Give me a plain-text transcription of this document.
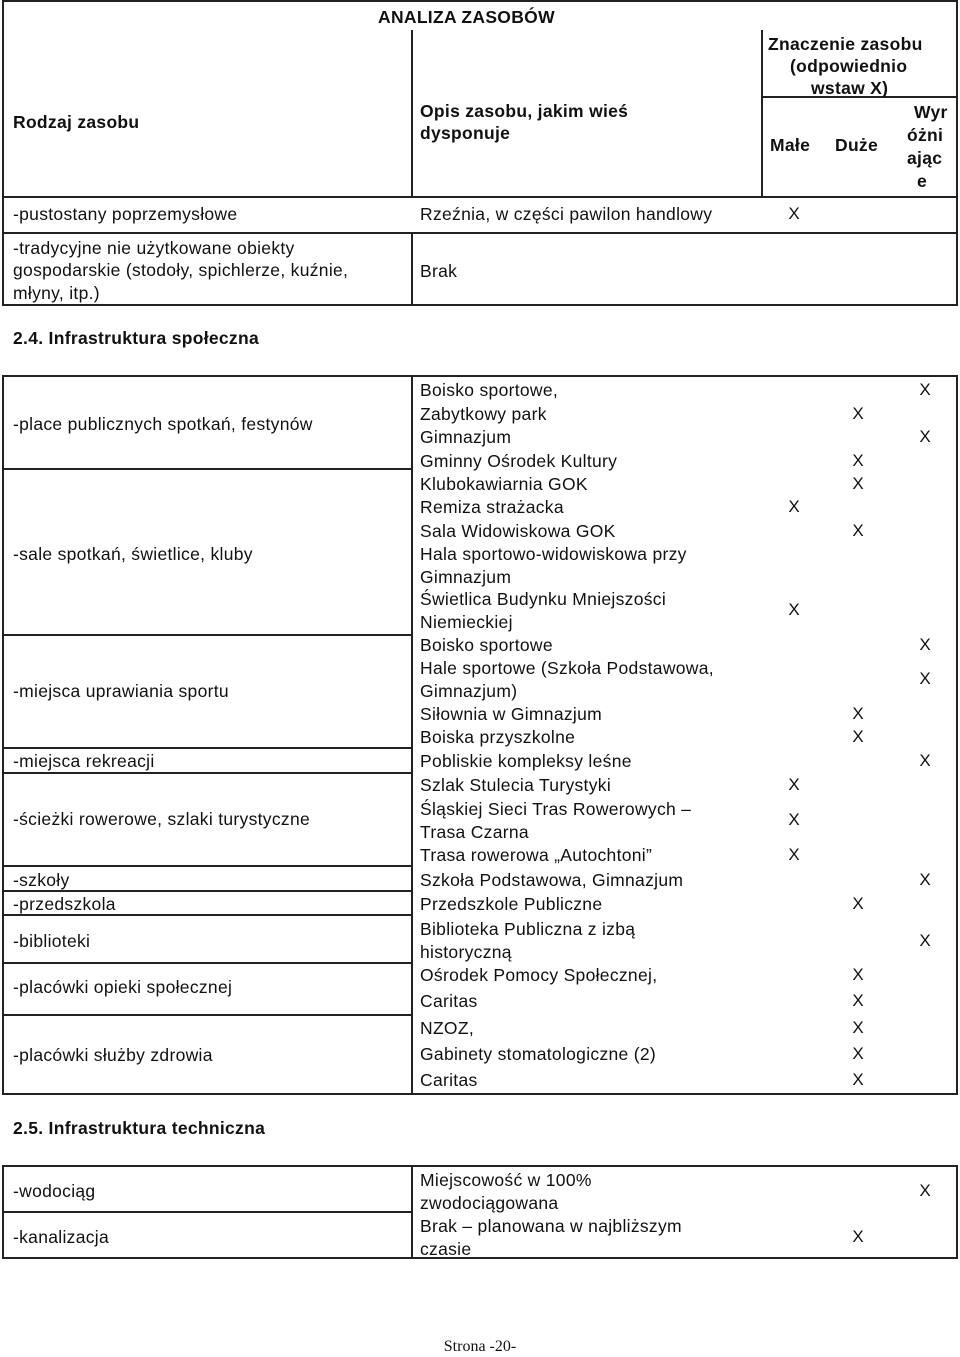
ANALIZA ZASOBÓW
Rodzaj zasobu
Opis zasobu, jakim wieś
dysponuje
Znaczenie zasobu
(odpowiednio
wstaw X)
Małe Duże
Wyr
óżni
ając
e
-pustostany poprzemysłowe	Rzeźnia, w części pawilon handlowy	X
-tradycyjne nie użytkowane obiekty
gospodarskie (stodoły, spichlerze, kuźnie,
młyny, itp.)
Brak
2.4. Infrastruktura społeczna
-place publicznych spotkań, festynów
-sale spotkań, świetlice, kluby
-miejsca uprawiania sportu
-miejsca rekreacji
-ścieżki rowerowe, szlaki turystyczne
-szkoły
-przedszkola
-biblioteki
-placówki opieki społecznej
-placówki służby zdrowia
Boisko sportowe,
Zabytkowy park
Gimnazjum
Gminny Ośrodek Kultury
Klubokawiarnia GOK
Remiza strażacka
Sala Widowiskowa GOK
Hala sportowo-widowiskowa przy
Gimnazjum
Świetlica Budynku Mniejszości
Niemieckiej
Boisko sportowe
Hale sportowe (Szkoła Podstawowa,
Gimnazjum)
Siłownia w Gimnazjum
Boiska przyszkolne
Pobliskie kompleksy leśne
Szlak Stulecia Turystyki
Śląskiej Sieci Tras Rowerowych –
Trasa Czarna
Trasa rowerowa „Autochtoni”
Szkoła Podstawowa, Gimnazjum
Przedszkole Publiczne
Biblioteka Publiczna z izbą
historyczną
Ośrodek Pomocy Społecznej,
Caritas
NZOZ,
Gabinety stomatologiczne (2)
Caritas
X
X
X
X
X
X
X
X
X
X
X
X
X
X
X
X
X
X
X
X
X
X
X
X
2.5. Infrastruktura techniczna
-wodociąg
-kanalizacja
Miejscowość w 100%
zwodociągowana
Brak – planowana w najbliższym
czasie
X
X
Strona -20-
